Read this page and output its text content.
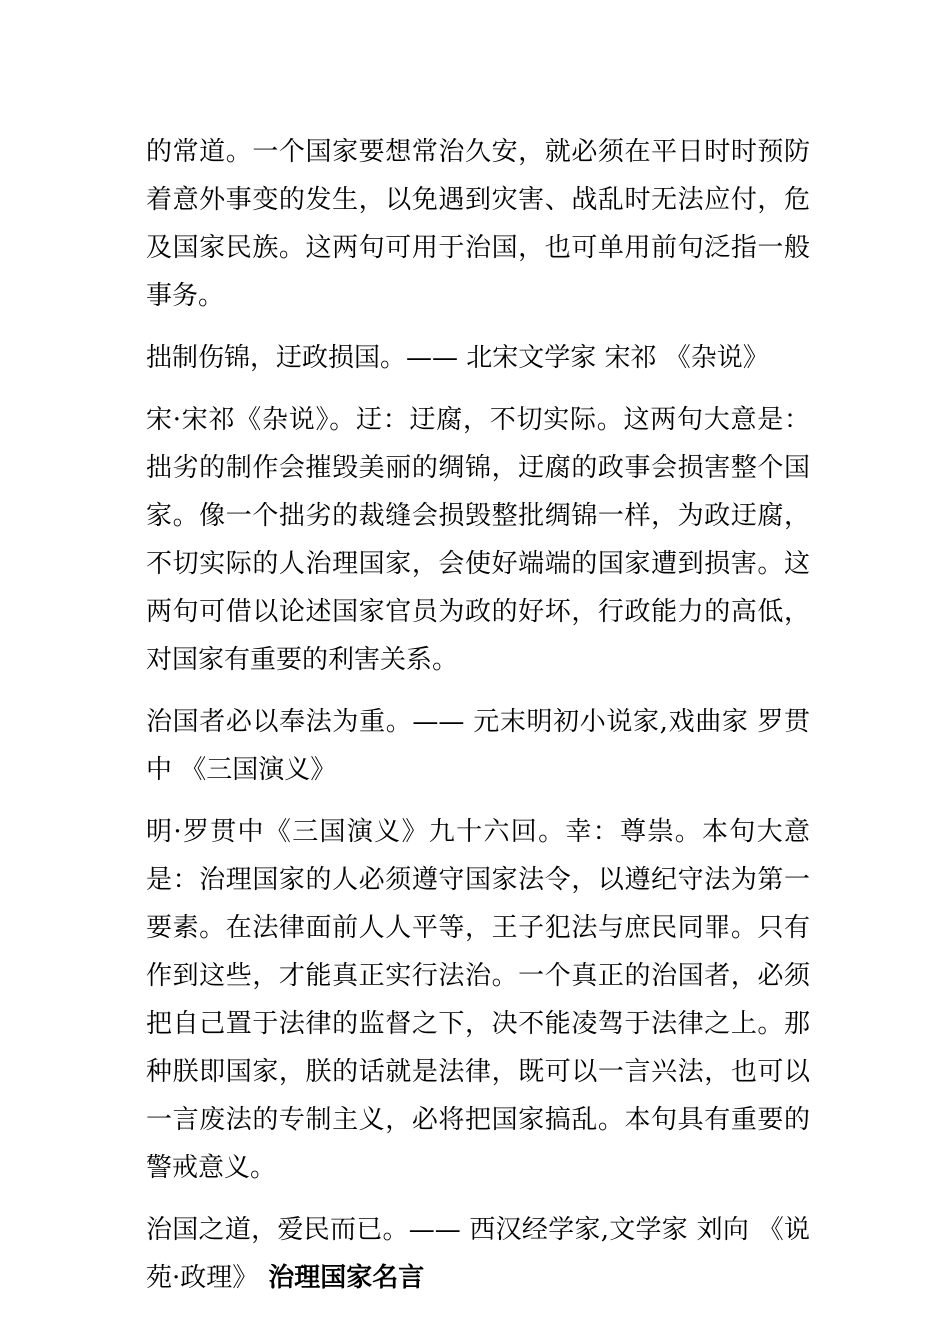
的常道。一个国家要想常治久安，就必须在平日时时预防着意外事变的发生，以免遇到灾害、战乱时无法应付，危及国家民族。这两句可用于治国，也可单用前句泛指一般事务。

拙制伤锦，迂政损国。—— 北宋文学家 宋祁 《杂说》

宋·宋祁《杂说》。迂：迂腐，不切实际。这两句大意是：拙劣的制作会摧毁美丽的绸锦，迂腐的政事会损害整个国家。像一个拙劣的裁缝会损毁整批绸锦一样，为政迂腐，不切实际的人治理国家，会使好端端的国家遭到损害。这两句可借以论述国家官员为政的好坏，行政能力的高低，对国家有重要的利害关系。

治国者必以奉法为重。—— 元末明初小说家,戏曲家 罗贯中 《三国演义》

明·罗贯中《三国演义》九十六回。幸：尊祟。本句大意是：治理国家的人必须遵守国家法令，以遵纪守法为第一要素。在法律面前人人平等，王子犯法与庶民同罪。只有作到这些，才能真正实行法治。一个真正的治国者，必须把自己置于法律的监督之下，决不能凌驾于法律之上。那种朕即国家，朕的话就是法律，既可以一言兴法，也可以一言废法的专制主义，必将把国家搞乱。本句具有重要的警戒意义。

治国之道，爱民而已。—— 西汉经学家,文学家 刘向 《说苑·政理》 治理国家名言
